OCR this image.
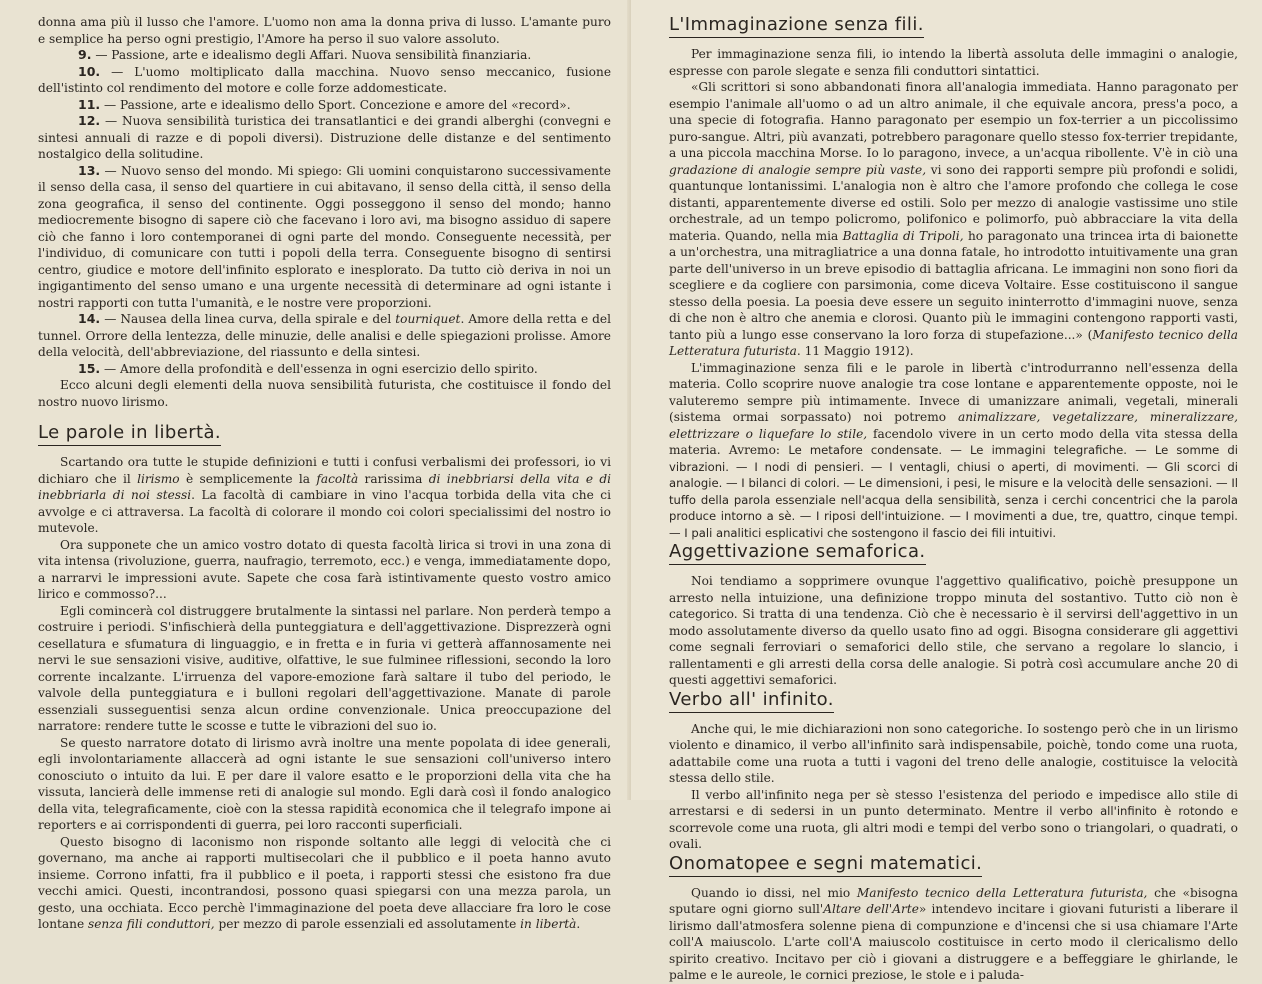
donna ama più il lusso che l'amore. L'uomo non ama la donna priva di lusso. L'amante puro e semplice ha perso ogni prestigio, l'Amore ha perso il suo valore assoluto.

9. — Passione, arte e idealismo degli Affari. Nuova sensibilità finanziaria.

10. — L'uomo moltiplicato dalla macchina. Nuovo senso meccanico, fusione dell'istinto col rendimento del motore e colle forze addomesticate.

11. — Passione, arte e idealismo dello Sport. Concezione e amore del «record».

12. — Nuova sensibilità turistica dei transatlantici e dei grandi alberghi (convegni e sintesi annuali di razze e di popoli diversi). Distruzione delle distanze e del sentimento nostalgico della solitudine.

13. — Nuovo senso del mondo. Mi spiego: Gli uomini conquistarono successivamente il senso della casa, il senso del quartiere in cui abitavano, il senso della città, il senso della zona geografica, il senso del continente. Oggi posseggono il senso del mondo; hanno mediocremente bisogno di sapere ciò che facevano i loro avi, ma bisogno assiduo di sapere ciò che fanno i loro contemporanei di ogni parte del mondo. Conseguente necessità, per l'individuo, di comunicare con tutti i popoli della terra. Conseguente bisogno di sentirsi centro, giudice e motore dell'infinito esplorato e inesplorato. Da tutto ciò deriva in noi un ingigantimento del senso umano e una urgente necessità di determinare ad ogni istante i nostri rapporti con tutta l'umanità, e le nostre vere proporzioni.

14. — Nausea della linea curva, della spirale e del tourniquet. Amore della retta e del tunnel. Orrore della lentezza, delle minuzie, delle analisi e delle spiegazioni prolisse. Amore della velocità, dell'abbreviazione, del riassunto e della sintesi.

15. — Amore della profondità e dell'essenza in ogni esercizio dello spirito.

Ecco alcuni degli elementi della nuova sensibilità futurista, che costituisce il fondo del nostro nuovo lirismo.

Le parole in libertà.

Scartando ora tutte le stupide definizioni e tutti i confusi verbalismi dei professori, io vi dichiaro che il lirismo è semplicemente la facoltà rarissima di inebbriarsi della vita e di inebbriarla di noi stessi. La facoltà di cambiare in vino l'acqua torbida della vita che ci avvolge e ci attraversa. La facoltà di colorare il mondo coi colori specialissimi del nostro io mutevole.

Ora supponete che un amico vostro dotato di questa facoltà lirica si trovi in una zona di vita intensa (rivoluzione, guerra, naufragio, terremoto, ecc.) e venga, immediatamente dopo, a narrarvi le impressioni avute. Sapete che cosa farà istintivamente questo vostro amico lirico e commosso?...

Egli comincerà col distruggere brutalmente la sintassi nel parlare. Non perderà tempo a costruire i periodi. S'infischierà della punteggiatura e dell'aggettivazione. Disprezzerà ogni cesellatura e sfumatura di linguaggio, e in fretta e in furia vi getterà affannosamente nei nervi le sue sensazioni visive, auditive, olfattive, le sue fulminee riflessioni, secondo la loro corrente incalzante. L'irruenza del vapore-emozione farà saltare il tubo del periodo, le valvole della punteggiatura e i bulloni regolari dell'aggettivazione. Manate di parole essenziali susseguentisi senza alcun ordine convenzionale. Unica preoccupazione del narratore: rendere tutte le scosse e tutte le vibrazioni del suo io.

Se questo narratore dotato di lirismo avrà inoltre una mente popolata di idee generali, egli involontariamente allaccerà ad ogni istante le sue sensazioni coll'universo intero conosciuto o intuito da lui. E per dare il valore esatto e le proporzioni della vita che ha vissuta, lancierà delle immense reti di analogie sul mondo. Egli darà così il fondo analogico della vita, telegraficamente, cioè con la stessa rapidità economica che il telegrafo impone ai reporters e ai corrispondenti di guerra, pei loro racconti superficiali.

Questo bisogno di laconismo non risponde soltanto alle leggi di velocità che ci governano, ma anche ai rapporti multisecolari che il pubblico e il poeta hanno avuto insieme. Corrono infatti, fra il pubblico e il poeta, i rapporti stessi che esistono fra due vecchi amici. Questi, incontrandosi, possono quasi spiegarsi con una mezza parola, un gesto, una occhiata. Ecco perchè l'immaginazione del poeta deve allacciare fra loro le cose lontane senza fili conduttori, per mezzo di parole essenziali ed assolutamente in libertà.

L'Immaginazione senza fili.

Per immaginazione senza fili, io intendo la libertà assoluta delle immagini o analogie, espresse con parole slegate e senza fili conduttori sintattici.

«Gli scrittori si sono abbandonati finora all'analogia immediata. Hanno paragonato per esempio l'animale all'uomo o ad un altro animale, il che equivale ancora, press'a poco, a una specie di fotografia. Hanno paragonato per esempio un fox-terrier a un piccolissimo puro-sangue. Altri, più avanzati, potrebbero paragonare quello stesso fox-terrier trepidante, a una piccola macchina Morse. Io lo paragono, invece, a un'acqua ribollente. V'è in ciò una gradazione di analogie sempre più vaste, vi sono dei rapporti sempre più profondi e solidi, quantunque lontanissimi. L'analogia non è altro che l'amore profondo che collega le cose distanti, apparentemente diverse ed ostili. Solo per mezzo di analogie vastissime uno stile orchestrale, ad un tempo policromo, polifonico e polimorfo, può abbracciare la vita della materia. Quando, nella mia Battaglia di Tripoli, ho paragonato una trincea irta di baionette a un'orchestra, una mitragliatrice a una donna fatale, ho introdotto intuitivamente una gran parte dell'universo in un breve episodio di battaglia africana. Le immagini non sono fiori da scegliere e da cogliere con parsimonia, come diceva Voltaire. Esse costituiscono il sangue stesso della poesia. La poesia deve essere un seguito ininterrotto d'immagini nuove, senza di che non è altro che anemia e clorosi. Quanto più le immagini contengono rapporti vasti, tanto più a lungo esse conservano la loro forza di stupefazione...» (Manifesto tecnico della Letteratura futurista. 11 Maggio 1912).

L'immaginazione senza fili e le parole in libertà c'introdurranno nell'essenza della materia. Collo scoprire nuove analogie tra cose lontane e apparentemente opposte, noi le valuteremo sempre più intimamente. Invece di umanizzare animali, vegetali, minerali (sistema ormai sorpassato) noi potremo animalizzare, vegetalizzare, mineralizzare, elettrizzare o liquefare lo stile, facendolo vivere in un certo modo della vita stessa della materia. Avremo: Le metafore condensate. — Le immagini telegrafiche. — Le somme di vibrazioni. — I nodi di pensieri. — I ventagli, chiusi o aperti, di movimenti. — Gli scorci di analogie. — I bilanci di colori. — Le dimensioni, i pesi, le misure e la velocità delle sensazioni. — Il tuffo della parola essenziale nell'acqua della sensibilità, senza i cerchi concentrici che la parola produce intorno a sè. — I riposi dell'intuizione. — I movimenti a due, tre, quattro, cinque tempi. — I pali analitici esplicativi che sostengono il fascio dei fili intuitivi.

Aggettivazione semaforica.

Noi tendiamo a sopprimere ovunque l'aggettivo qualificativo, poichè presuppone un arresto nella intuizione, una definizione troppo minuta del sostantivo. Tutto ciò non è categorico. Si tratta di una tendenza. Ciò che è necessario è il servirsi dell'aggettivo in un modo assolutamente diverso da quello usato fino ad oggi. Bisogna considerare gli aggettivi come segnali ferroviari o semaforici dello stile, che servano a regolare lo slancio, i rallentamenti e gli arresti della corsa delle analogie. Si potrà così accumulare anche 20 di questi aggettivi semaforici.

Verbo all' infinito.

Anche qui, le mie dichiarazioni non sono categoriche. Io sostengo però che in un lirismo violento e dinamico, il verbo all'infinito sarà indispensabile, poichè, tondo come una ruota, adattabile come una ruota a tutti i vagoni del treno delle analogie, costituisce la velocità stessa dello stile.

Il verbo all'infinito nega per sè stesso l'esistenza del periodo e impedisce allo stile di arrestarsi e di sedersi in un punto determinato. Mentre il verbo all'infinito è rotondo e scorrevole come una ruota, gli altri modi e tempi del verbo sono o triangolari, o quadrati, o ovali.

Onomatopee e segni matematici.

Quando io dissi, nel mio Manifesto tecnico della Letteratura futurista, che «bisogna sputare ogni giorno sull'Altare dell'Arte» intendevo incitare i giovani futuristi a liberare il lirismo dall'atmosfera solenne piena di compunzione e d'incensi che si usa chiamare l'Arte coll'A maiuscolo. L'arte coll'A maiuscolo costituisce in certo modo il clericalismo dello spirito creativo. Incitavo per ciò i giovani a distruggere e a beffeggiare le ghirlande, le palme e le aureole, le cornici preziose, le stole e i paluda-
